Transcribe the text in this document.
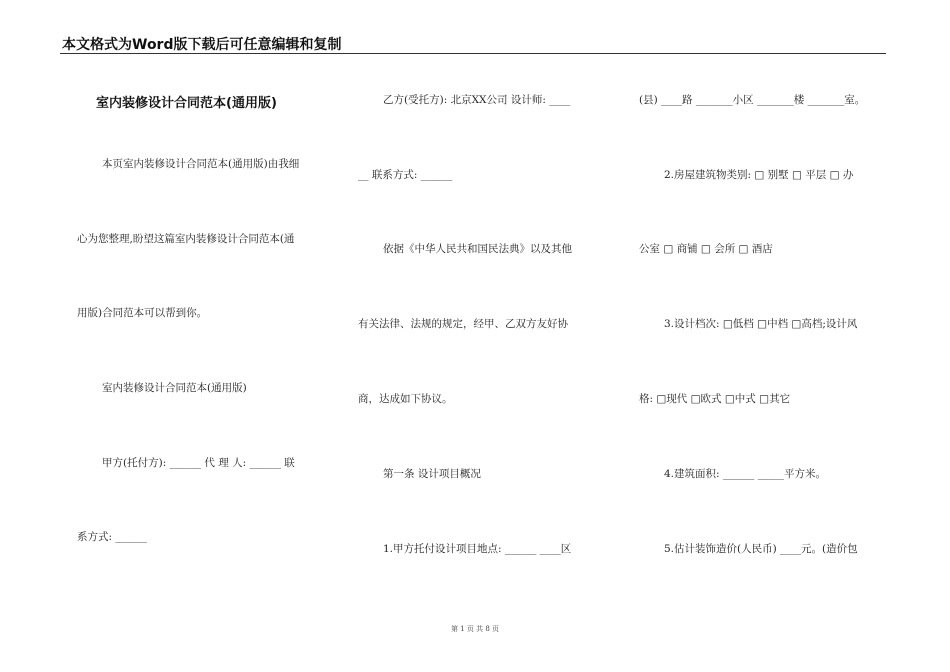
本文格式为Word版下载后可任意编辑和复制
室内装修设计合同范本(通用版)
本页室内装修设计合同范本(通用版)由我细
心为您整理,盼望这篇室内装修设计合同范本(通
用版)合同范本可以帮到你。
室内装修设计合同范本(通用版)
甲方(托付方): ______ 代 理 人: ______ 联
系方式: ______
乙方(受托方): 北京XX公司 设计师: ____
__ 联系方式: ______
依据《中华人民共和国民法典》以及其他
有关法律、法规的规定，经甲、乙双方友好协
商，达成如下协议。
第一条 设计项目概况
1.甲方托付设计项目地点: ______ ____区
(县) ____路 _______小区 _______楼 _______室。
2.房屋建筑物类别: □ 别墅 □ 平层 □ 办
公室 □ 商铺 □ 会所 □ 酒店
3.设计档次: □低档 □中档 □高档;设计风
格: □现代 □欧式 □中式 □其它
4.建筑面积: ______ _____平方米。
5.估计装饰造价(人民币) ____元。(造价包
第 1 页 共 8 页
